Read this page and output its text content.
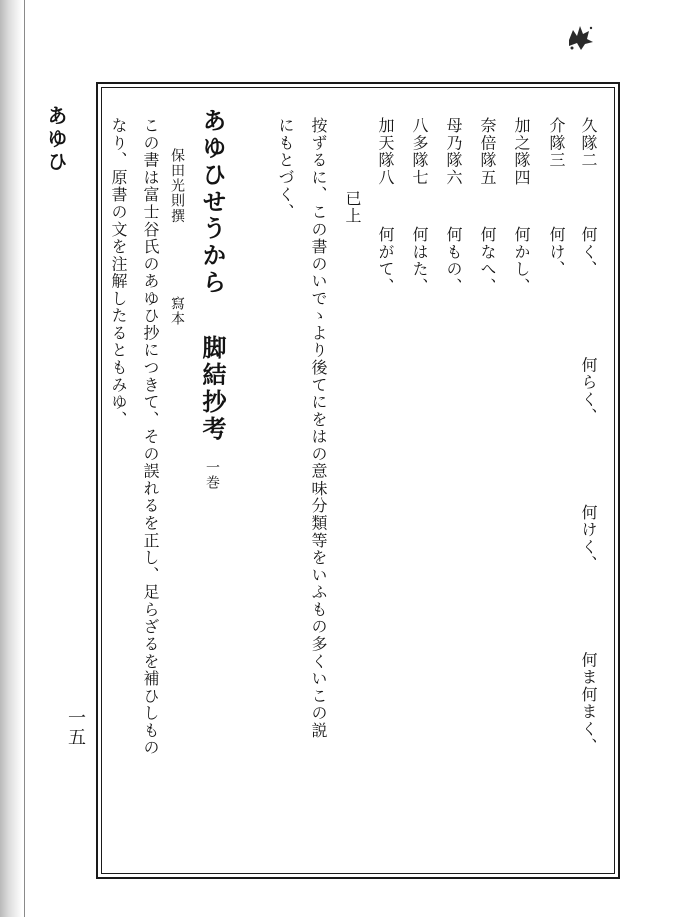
あゆひ
一五
久隊二
何く、　　　　　何らく、　　　　　何けく、　　　　　何ま何まく、
介隊三
何け、
加之隊四
何かし、
奈倍隊五
何なへ、
母乃隊六
何もの、
八多隊七
何はた、
加天隊八
何がて、
已上
按ずるに、この書のいでゝより後てにをはの意味分類等をいふもの多くいこの説
にもとづく、
あゆひせうから
脚結抄考
一巻
保田光則撰
寫本
この書は富士谷氏のあゆひ抄につきて、その誤れるを正し、足らざるを補ひしもの
なり、原書の文を注解したるともみゆ、
